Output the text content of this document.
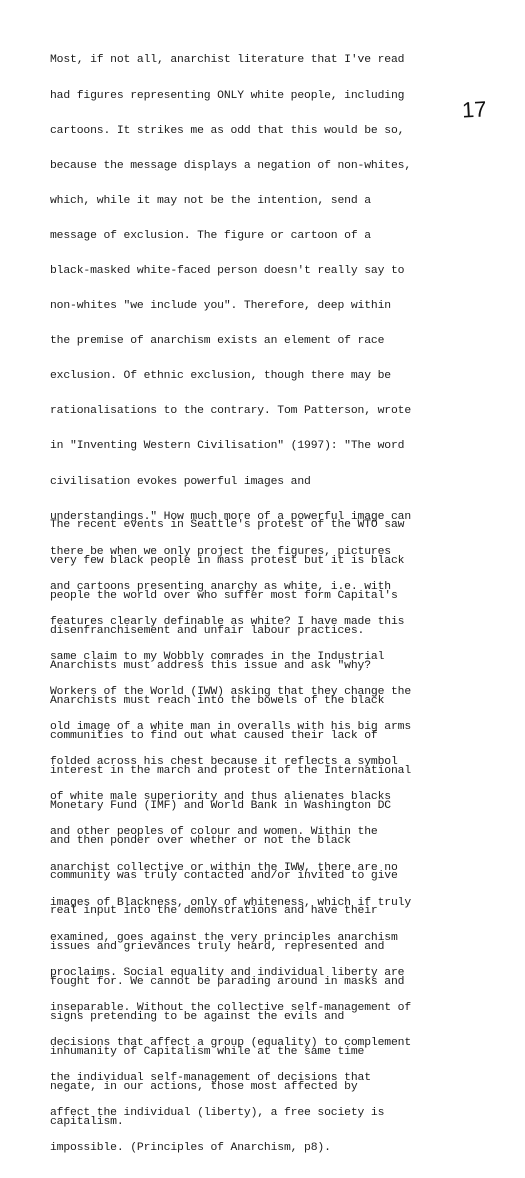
17

Most, if not all, anarchist literature that I've read

had figures representing ONLY white people, including

cartoons. It strikes me as odd that this would be so,

because the message displays a negation of non-whites,

which, while it may not be the intention, send a

message of exclusion. The figure or cartoon of a

black-masked white-faced person doesn't really say to

non-whites "we include you". Therefore, deep within

the premise of anarchism exists an element of race

exclusion. Of ethnic exclusion, though there may be

rationalisations to the contrary. Tom Patterson, wrote

in "Inventing Western Civilisation" (1997): "The word

civilisation evokes powerful images and

understandings." How much more of a powerful image can

there be when we only project the figures, pictures

and cartoons presenting anarchy as white, i.e. with

features clearly definable as white? I have made this

same claim to my Wobbly comrades in the Industrial

Workers of the World (IWW) asking that they change the

old image of a white man in overalls with his big arms

folded across his chest because it reflects a symbol

of white male superiority and thus alienates blacks

and other peoples of colour and women. Within the

anarchist collective or within the IWW, there are no

images of Blackness, only of whiteness, which if truly

examined, goes against the very principles anarchism

proclaims. Social equality and individual liberty are

inseparable. Without the collective self-management of

decisions that affect a group (equality) to complement

the individual self-management of decisions that

affect the individual (liberty), a free society is

impossible. (Principles of Anarchism, p8).

The recent events in Seattle's protest of the WTO saw

very few black people in mass protest but it is black

people the world over who suffer most form Capital's

disenfranchisement and unfair labour practices.

Anarchists must address this issue and ask "why?

Anarchists must reach into the bowels of the black

communities to find out what caused their lack of

interest in the march and protest of the International

Monetary Fund (IMF) and World Bank in Washington DC

and then ponder over whether or not the black

community was truly contacted and/or invited to give

real input into the demonstrations and have their

issues and grievances truly heard, represented and

fought for. We cannot be parading around in masks and

signs pretending to be against the evils and

inhumanity of Capitalism while at the same time

negate, in our actions, those most affected by

capitalism.
